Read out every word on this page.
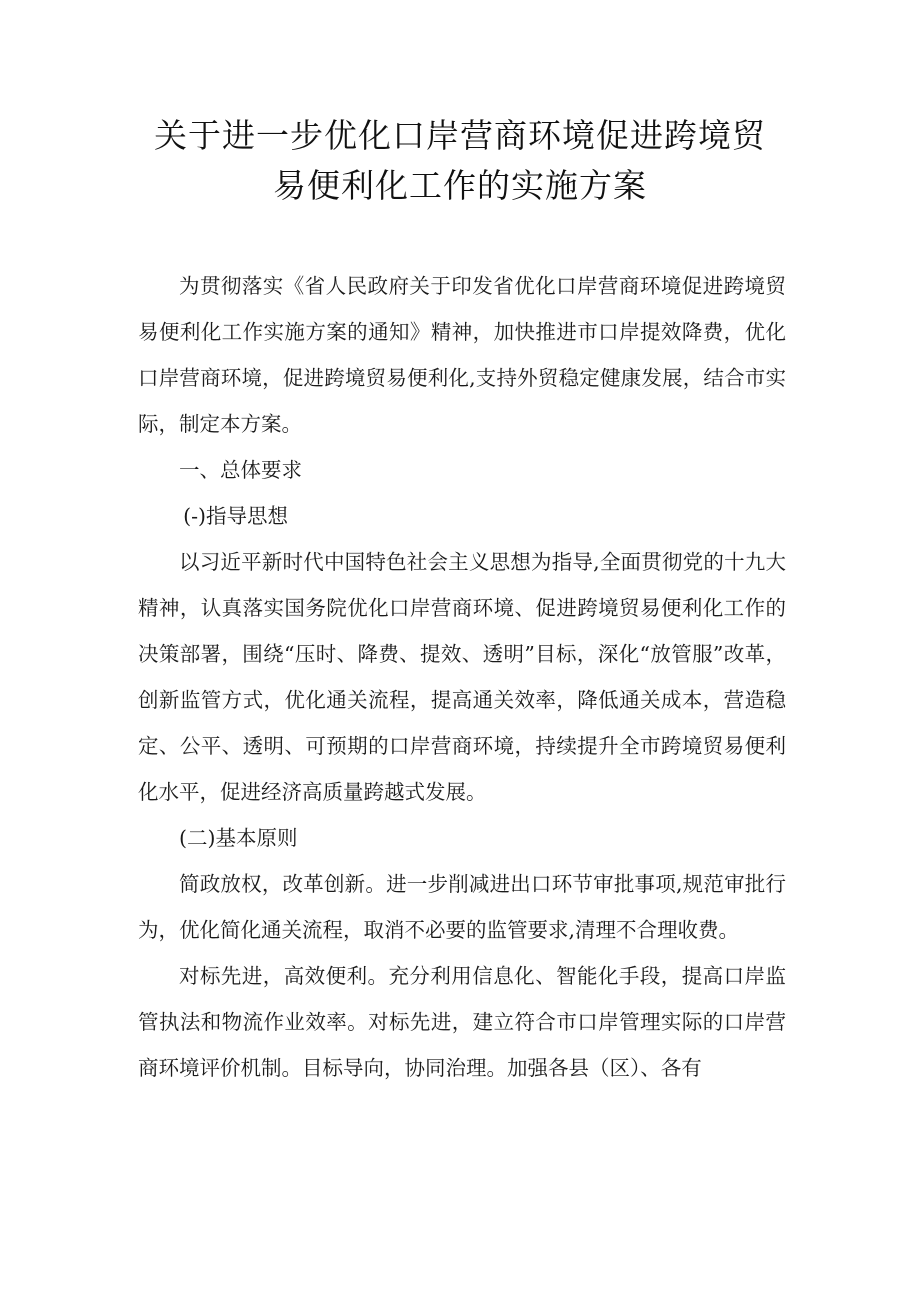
关于进一步优化口岸营商环境促进跨境贸
易便利化工作的实施方案

为贯彻落实《省人民政府关于印发省优化口岸营商环境促进跨境贸易便利化工作实施方案的通知》精神，加快推进市口岸提效降费，优化口岸营商环境，促进跨境贸易便利化,支持外贸稳定健康发展，结合市实际，制定本方案。

一、总体要求
(-)指导思想

以习近平新时代中国特色社会主义思想为指导,全面贯彻党的十九大精神，认真落实国务院优化口岸营商环境、促进跨境贸易便利化工作的决策部署，围绕“压时、降费、提效、透明”目标，深化“放管服”改革，创新监管方式，优化通关流程，提高通关效率，降低通关成本，营造稳定、公平、透明、可预期的口岸营商环境，持续提升全市跨境贸易便利化水平，促进经济高质量跨越式发展。

(二)基本原则

简政放权，改革创新。进一步削减进出口环节审批事项,规范审批行为，优化简化通关流程，取消不必要的监管要求,清理不合理收费。

对标先进，高效便利。充分利用信息化、智能化手段，提高口岸监管执法和物流作业效率。对标先进，建立符合市口岸管理实际的口岸营商环境评价机制。目标导向，协同治理。加强各县（区）、各有
